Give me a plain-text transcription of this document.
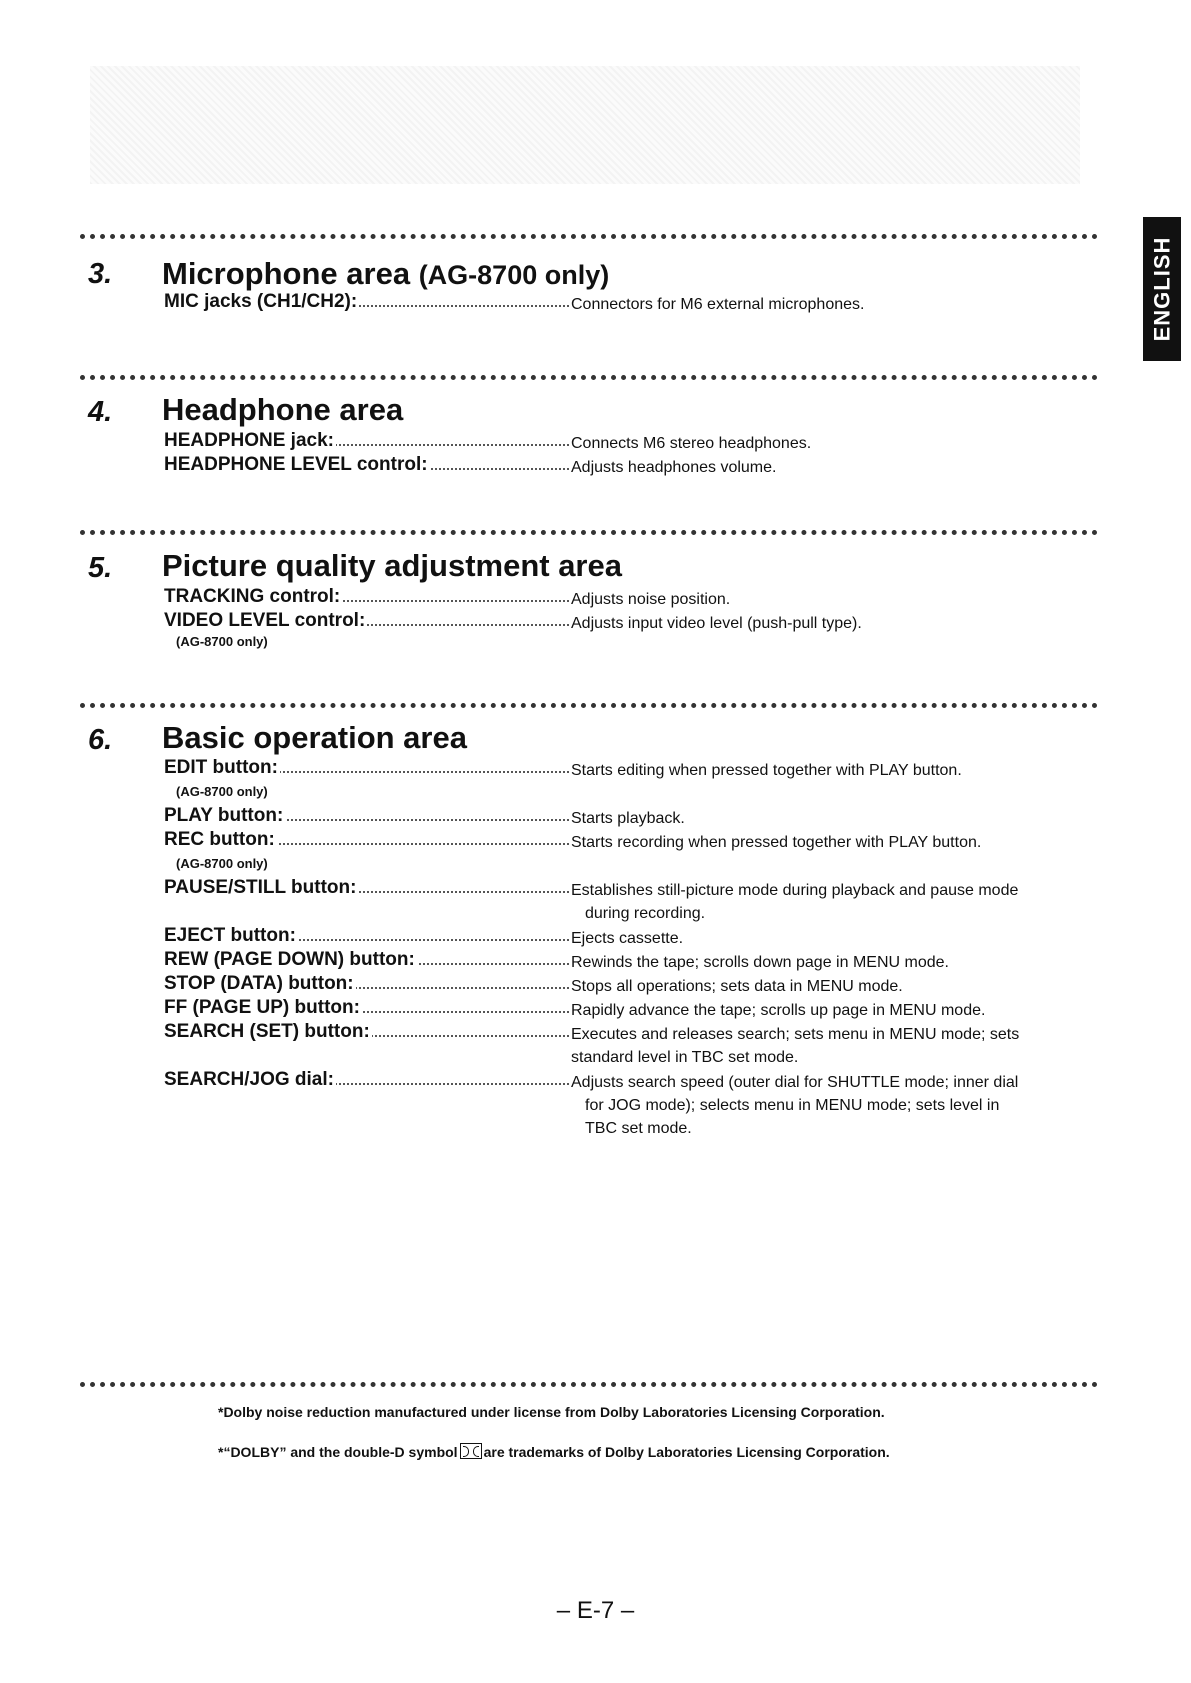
ENGLISH
3. Microphone area (AG-8700 only)
MIC jacks (CH1/CH2):	Connectors for M6 external microphones.
4. Headphone area
HEADPHONE jack:	Connects M6 stereo headphones.
HEADPHONE LEVEL control:	Adjusts headphones volume.
5. Picture quality adjustment area
TRACKING control:	Adjusts noise position.
VIDEO LEVEL control:	Adjusts input video level (push-pull type).
(AG-8700 only)
6. Basic operation area
EDIT button:	Starts editing when pressed together with PLAY button.
(AG-8700 only)
PLAY button:	Starts playback.
REC button:	Starts recording when pressed together with PLAY button.
(AG-8700 only)
PAUSE/STILL button:	Establishes still-picture mode during playback and pause mode
during recording.
EJECT button:	Ejects cassette.
REW (PAGE DOWN) button:	Rewinds the tape; scrolls down page in MENU mode.
STOP (DATA) button:	Stops all operations; sets data in MENU mode.
FF (PAGE UP) button:	Rapidly advance the tape; scrolls up page in MENU mode.
SEARCH (SET) button:	Executes and releases search; sets menu in MENU mode; sets
standard level in TBC set mode.
SEARCH/JOG dial:	Adjusts search speed (outer dial for SHUTTLE mode; inner dial
for JOG mode); selects menu in MENU mode; sets level in
TBC set mode.
*Dolby noise reduction manufactured under license from Dolby Laboratories Licensing Corporation.
*“DOLBY” and the double-D symbol are trademarks of Dolby Laboratories Licensing Corporation.
– E-7 –
